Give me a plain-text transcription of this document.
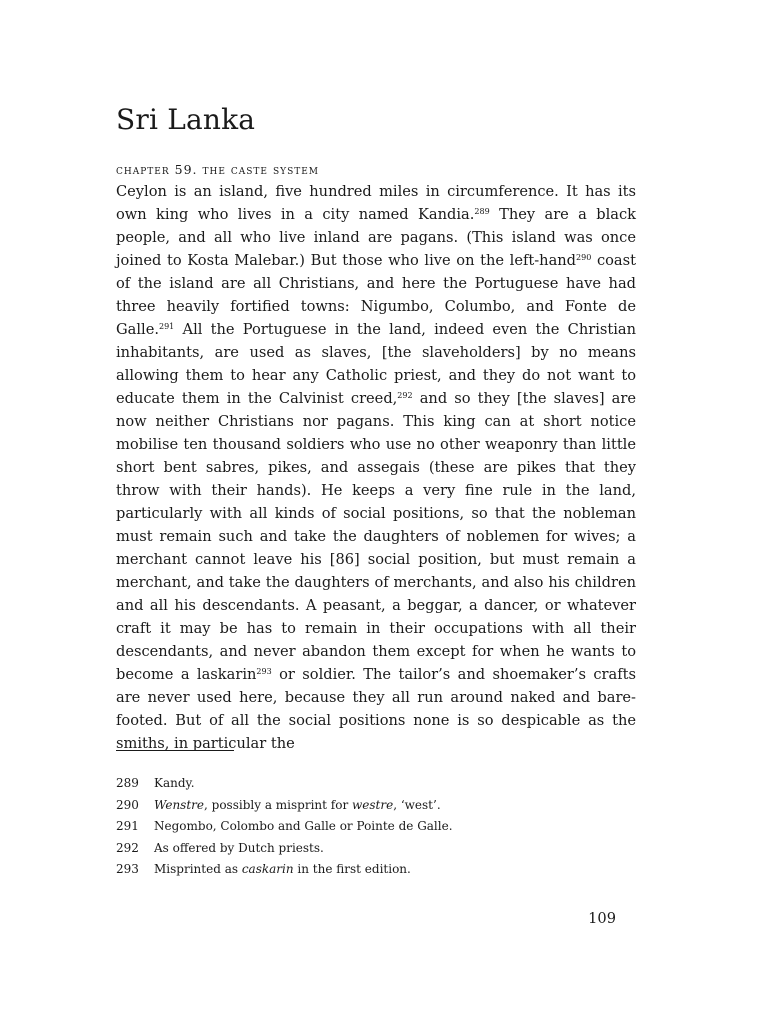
Sri Lanka
chapter 59. the caste system

Ceylon is an island, five hundred miles in circumference. It has its own king who lives in a city named Kandia.$^{289}$ They are a black people, and all who live inland are pagans. (This island was once joined to Kosta Malebar.) But those who live on the left-hand$^{290}$ coast of the island are all Christians, and here the Portuguese have had three heavily fortified towns: Nigumbo, Columbo, and Fonte de Galle.$^{291}$ All the Portuguese in the land, indeed even the Christian inhabitants, are used as slaves, [the slaveholders] by no means allowing them to hear any Catholic priest, and they do not want to educate them in the Calvinist creed,$^{292}$ and so they [the slaves] are now neither Christians nor pagans. This king can at short notice mobilise ten thousand soldiers who use no other weaponry than little short bent sabres, pikes, and assegais (these are pikes that they throw with their hands). He keeps a very fine rule in the land, particularly with all kinds of social positions, so that the nobleman must remain such and take the daughters of noblemen for wives; a merchant cannot leave his [86] social position, but must remain a merchant, and take the daughters of merchants, and also his children and all his descendants. A peasant, a beggar, a dancer, or whatever craft it may be has to remain in their occupations with all their descendants, and never abandon them except for when he wants to become a laskarin$^{293}$ or soldier. The tailor’s and shoemaker’s crafts are never used here, because they all run around naked and bare-footed. But of all the social positions none is so despicable as the smiths, in particular the

289	Kandy.
290	Wenstre, possibly a misprint for westre, ‘west’.
291	Negombo, Colombo and Galle or Pointe de Galle.
292	As offered by Dutch priests.
293	Misprinted as caskarin in the first edition.
109
